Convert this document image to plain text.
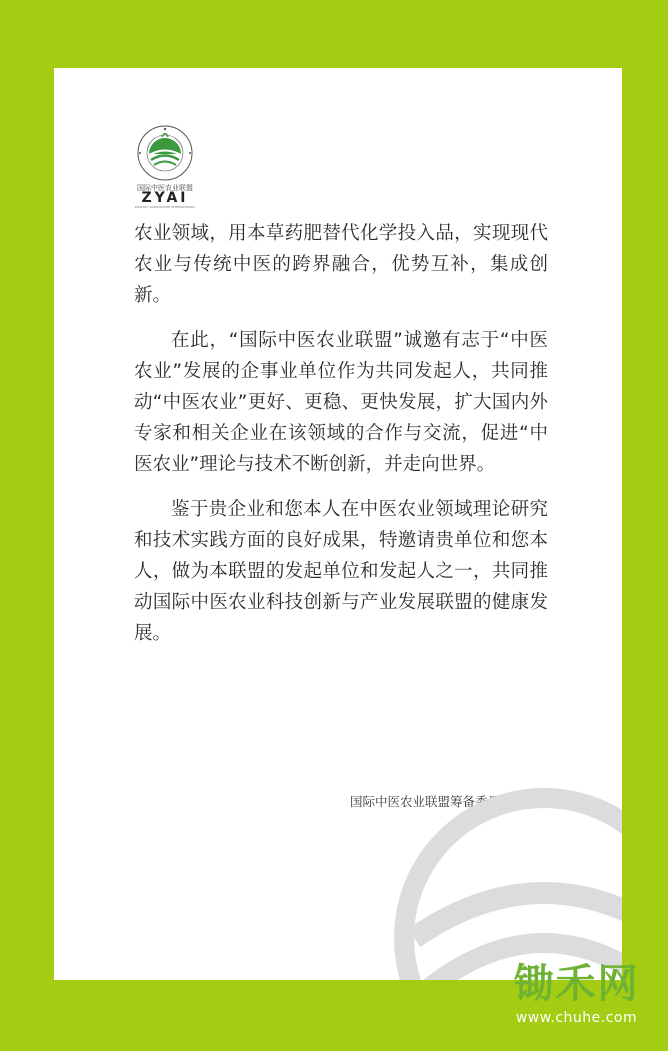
国际中医农业联盟
ZYAI
ZHONGYI AGRICULTURE INTERNATIONAL

农业领域，用本草药肥替代化学投入品，实现现代农业与传统中医的跨界融合，优势互补，集成创新。

在此，“国际中医农业联盟”诚邀有志于“中医农业”发展的企事业单位作为共同发起人，共同推动“中医农业”更好、更稳、更快发展，扩大国内外专家和相关企业在该领域的合作与交流，促进“中医农业”理论与技术不断创新，并走向世界。

鉴于贵企业和您本人在中医农业领域理论研究和技术实践方面的良好成果，特邀请贵单位和您本人，做为本联盟的发起单位和发起人之一，共同推动国际中医农业科技创新与产业发展联盟的健康发展。

国际中医农业联盟筹备委员会
锄禾网
www.chuhe.com
